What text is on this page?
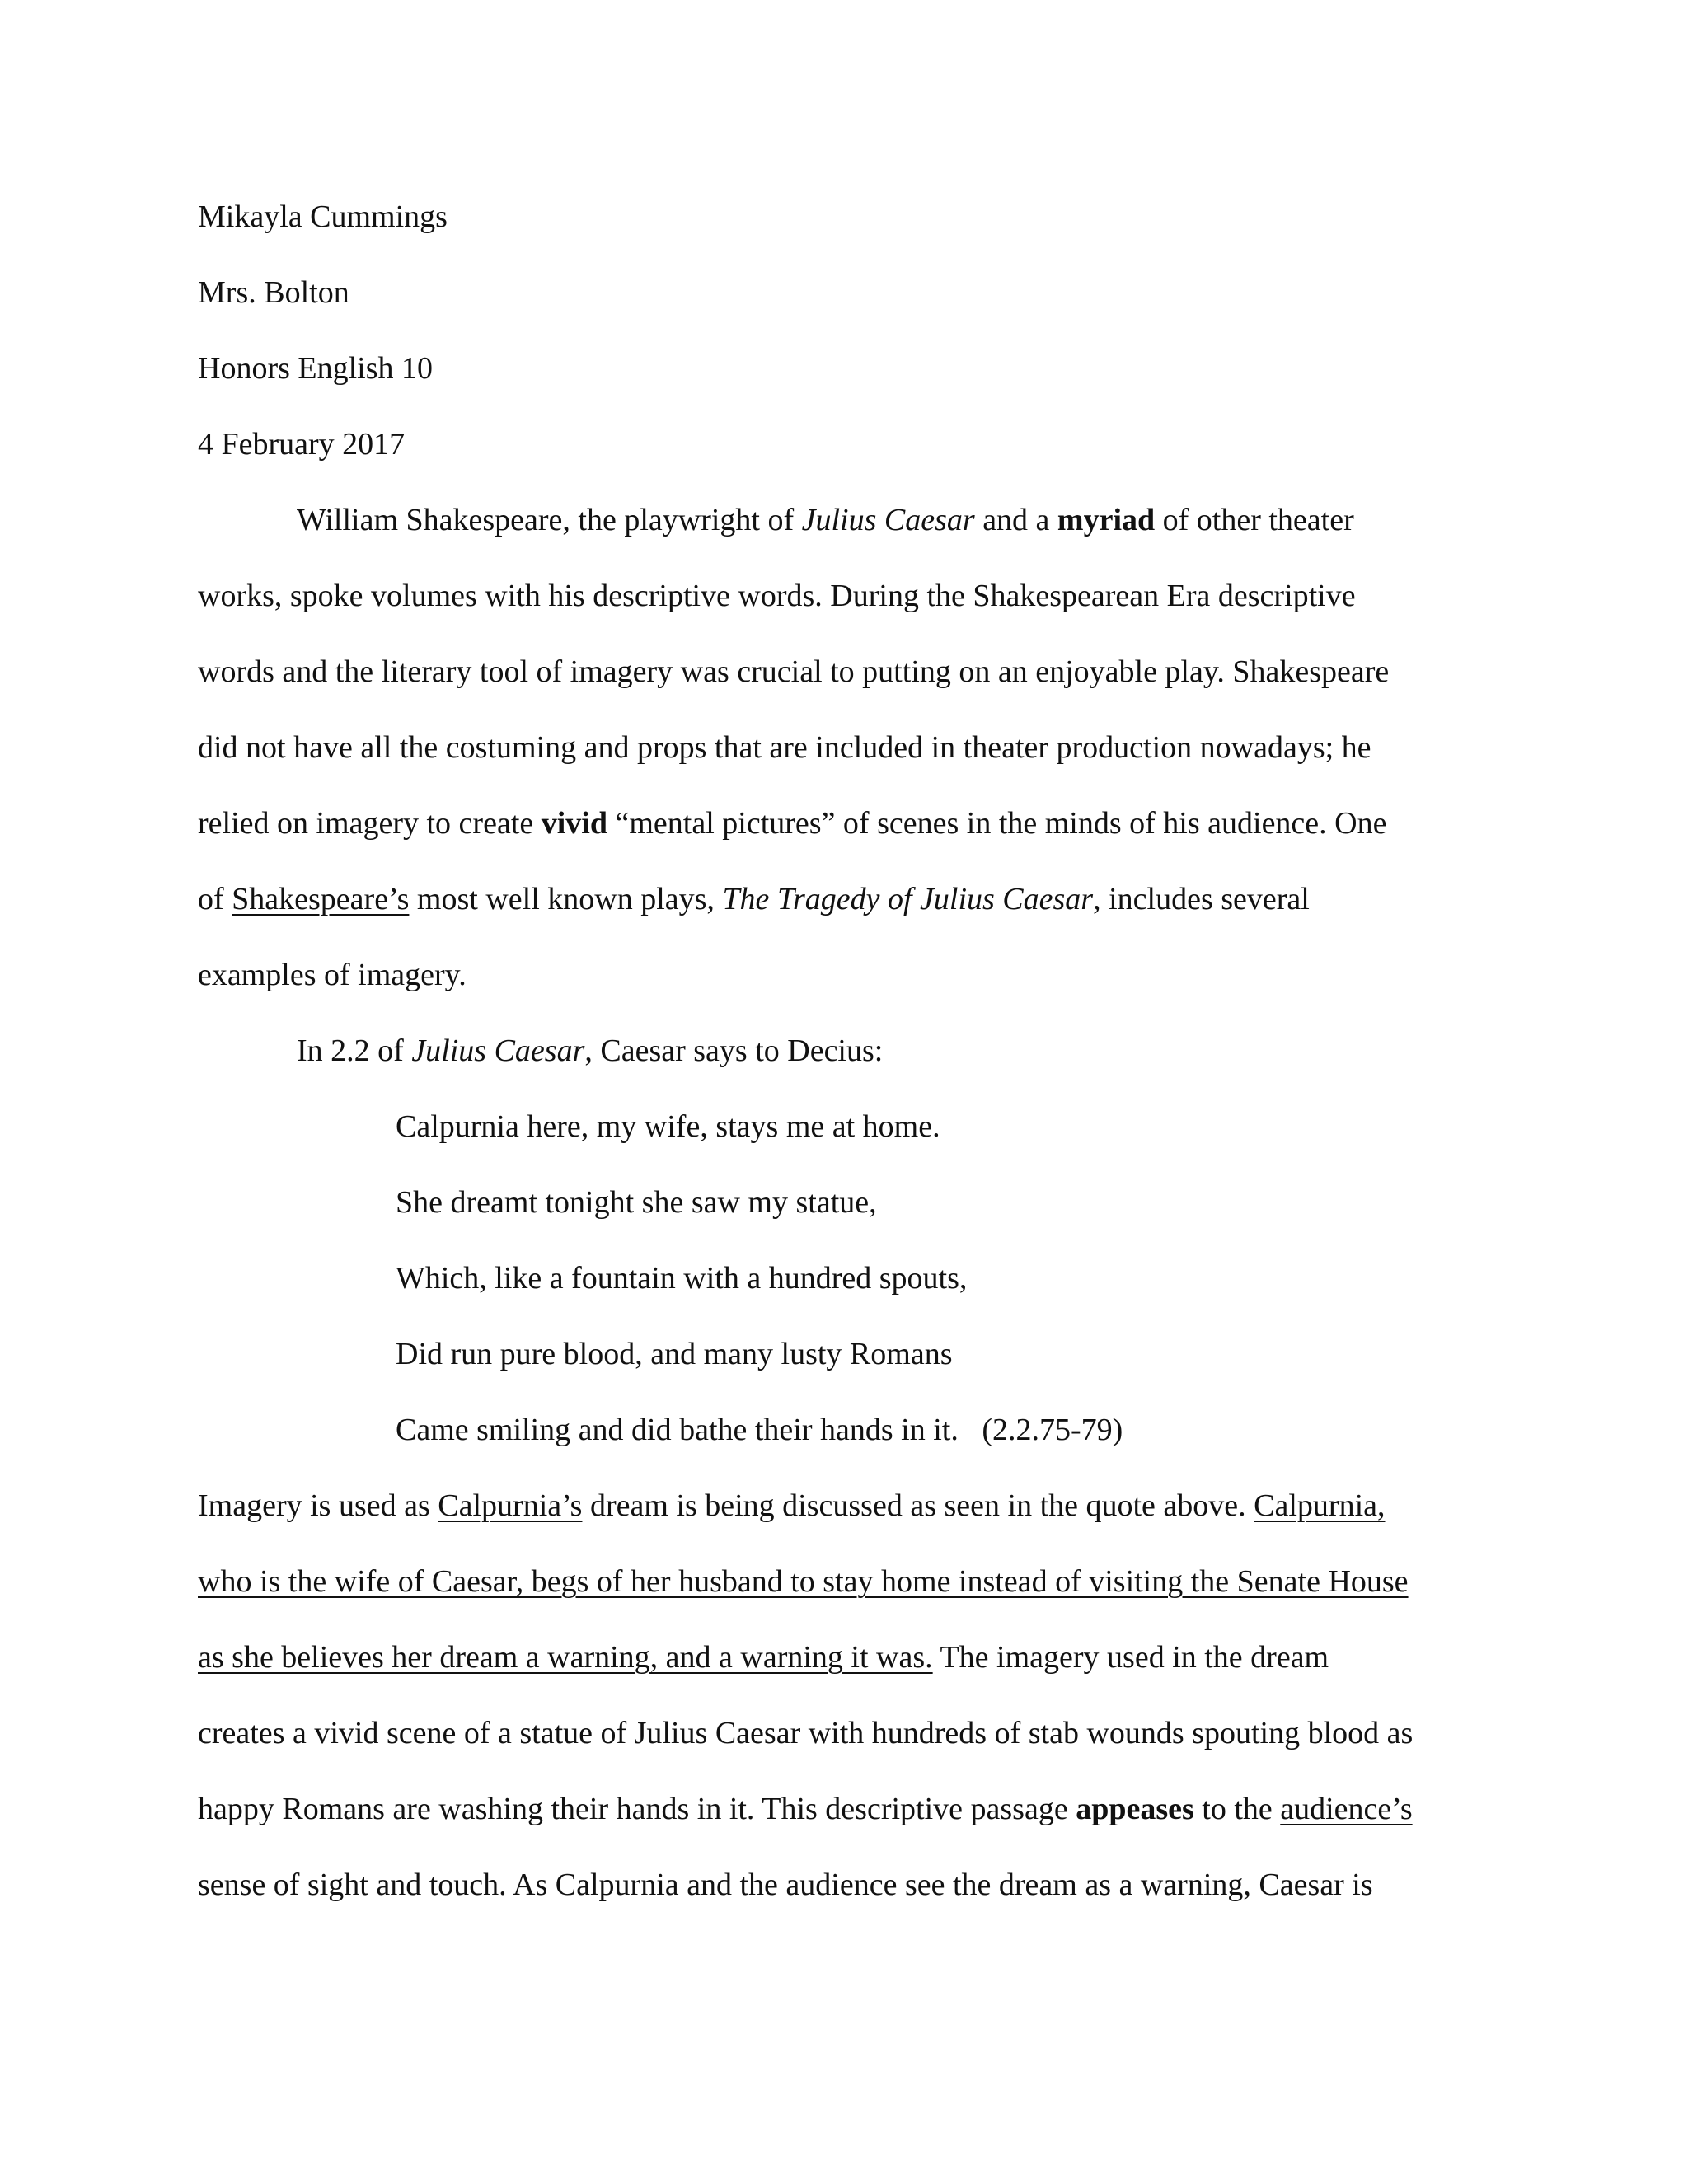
Mikayla Cummings
Mrs. Bolton
Honors English 10
4 February 2017
William Shakespeare, the playwright of Julius Caesar and a myriad of other theater
works, spoke volumes with his descriptive words. During the Shakespearean Era descriptive
words and the literary tool of imagery was crucial to putting on an enjoyable play. Shakespeare
did not have all the costuming and props that are included in theater production nowadays; he
relied on imagery to create vivid “mental pictures” of scenes in the minds of his audience. One
of Shakespeare’s most well known plays, The Tragedy of Julius Caesar, includes several
examples of imagery.
In 2.2 of Julius Caesar, Caesar says to Decius:
Calpurnia here, my wife, stays me at home.
She dreamt tonight she saw my statue,
Which, like a fountain with a hundred spouts,
Did run pure blood, and many lusty Romans
Came smiling and did bathe their hands in it.   (2.2.75-79)
Imagery is used as Calpurnia’s dream is being discussed as seen in the quote above. Calpurnia,
who is the wife of Caesar, begs of her husband to stay home instead of visiting the Senate House
as she believes her dream a warning, and a warning it was. The imagery used in the dream
creates a vivid scene of a statue of Julius Caesar with hundreds of stab wounds spouting blood as
happy Romans are washing their hands in it. This descriptive passage appeases to the audience’s
sense of sight and touch. As Calpurnia and the audience see the dream as a warning, Caesar is
